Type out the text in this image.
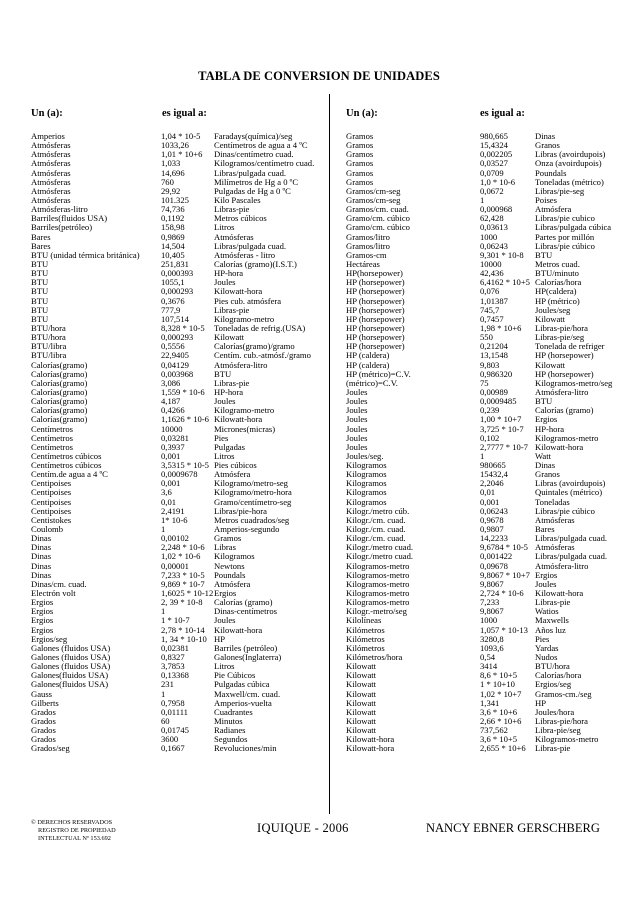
TABLA DE CONVERSION DE UNIDADES
Un (a):	es igual a:	Un (a):	es igual a:
Amperios	1,04 * 10-5 Faradays(química)/seg
Atmósferas	1033,26	Centímetros de agua a 4 ºC
Atmósferas	1,01 * 10+6 Dinas/centímetro cuad.
Atmósferas	1,033	Kilogramos/centímetro cuad.
Atmósferas	14,696	Libras/pulgada cuad.
Atmósferas	760	Milímetros de Hg a 0 ºC
Atmósferas	29,92	Pulgadas de Hg a 0 ºC
Atmósferas	101.325	Kilo Pascales
Atmósferas-litro	74,736	Libras-pie
Barriles(fluidos USA)	0,1192	Metros cúbicos
Barriles(petróleo)	158,98	Litros
Bares	0,9869	Atmósferas
Bares	14,504	Libras/pulgada cuad.
BTU (unidad térmica británica) 10,405	Atmósferas - litro
BTU	251,831	Calorías (gramo)(I.S.T.)
BTU	0,000393 HP-hora
BTU	1055,1	Joules
BTU	0,000293 Kilowatt-hora
BTU	0,3676	Pies cub. atmósfera
BTU	777,9	Libras-pie
BTU	107,514	Kilogramo-metro
BTU/hora	8,328 * 10-5 Toneladas de refrig.(USA)
BTU/hora	0,000293 Kilowatt
BTU/libra	0,5556	Calorías(gramo)/gramo
BTU/libra	22,9405	Centím. cub.-atmósf./gramo
Calorías(gramo)	0,04129	Atmósfera-litro
Calorías(gramo)	0,003968 BTU
Calorías(gramo)	3,086	Libras-pie
Calorías(gramo)	1,559 * 10-6 HP-hora
Calorías(gramo)	4,187	Joules
Calorías(gramo)	0,4266	Kilogramo-metro
Calorías(gramo)	1,1626 * 10-6 Kilowatt-hora
Centímetros	10000	Micrones(micras)
Centímetros	0,03281	Pies
Centímetros	0,3937	Pulgadas
Centímetros cúbicos	0,001	Litros
Centímetros cúbicos	3,5315 * 10-5 Pies cúbicos
Centím.de agua a 4 ºC	0,0009678 Atmósfera
Centipoises	0,001	Kilogramo/metro-seg
Centipoises	3,6	Kilogramo/metro-hora
Centipoises	0,01	Gramo/centímetro-seg
Centipoises	2,4191	Libras/pie-hora
Centistokes	1* 10-6	Metros cuadrados/seg
Coulomb	1	Amperios-segundo
Dinas	0,00102	Gramos
Dinas	2,248 * 10-6 Libras
Dinas	1,02 * 10-6 Kilogramos
Dinas	0,00001	Newtons
Dinas	7,233 * 10-5 Poundals
Dinas/cm. cuad.	9,869 * 10-7 Atmósfera
Electrón volt	1,6025 * 10-12Ergios
Ergios	2, 39 * 10-8 Calorías (gramo)
Ergios	1	Dinas-centímetros
Ergios	1 * 10-7	Joules
Ergios	2,78 * 10-14 Kilowatt-hora
Ergios/seg	1, 34 * 10-10 HP
Galones (fluidos USA)	0,02381	Barriles (petróleo)
Galones (fluidos USA)	0,8327	Galones(Inglaterra)
Galones (fluidos USA)	3,7853	Litros
Galones(fluidos USA)	0,13368	Pie Cúbicos
Galones(fluidos USA)	231	Pulgadas cúbica
Gauss	1	Maxwell/cm. cuad.
Gilberts	0,7958	Amperios-vuelta
Grados	0,01111	Cuadrantes
Grados	60	Minutos
Grados	0,01745	Radianes
Grados	3600	Segundos
Grados/seg	0,1667	Revoluciones/min
Gramos	980,665	Dinas
Gramos	15,4324	Granos
Gramos	0,002205	Libras (avoirdupois)
Gramos	0,03527	Onza (avoirdupois)
Gramos	0,0709	Poundals
Gramos	1,0 * 10-6 Toneladas (métrico)
Gramos/cm-seg	0,0672	Libras/pie-seg
Gramos/cm-seg	1	Poises
Gramos/cm. cuad.	0,000968	Atmósfera
Gramo/cm. cúbico	62,428	Libras/pie cubico
Gramo/cm. cúbico	0,03613	Libras/pulgada cúbica
Gramos/litro	1000	Partes por millón
Gramos/litro	0,06243	Libras/pie cúbico
Gramos-cm	9,301 * 10-8 BTU
Hectáreas	10000	Metros cuad.
HP(horsepower)	42,436	BTU/minuto
HP (horsepower)	6,4162 * 10+5 Calorías/hora
HP (horsepower)	0,076	HP(caldera)
HP (horsepower)	1,01387	HP (métrico)
HP (horsepower)	745,7	Joules/seg
HP (horsepower)	0,7457	Kilowatt
HP (horsepower)	1,98 * 10+6 Libras-pie/hora
HP (horsepower)	550	Libras-pie/seg
HP (horsepower)	0,21204	Tonelada de refriger
HP (caldera)	13,1548	HP (horsepower)
HP (caldera)	9,803	Kilowatt
HP (métrico)=C.V.	0,986320	HP (horsepower)
(métrico)=C.V.	75	Kilogramos-metro/seg
Joules	0,00989	Atmósfera-litro
Joules	0,0009485 BTU
Joules	0,239	Calorías (gramo)
Joules	1,00 * 10+7 Ergios
Joules	3,725 * 10-7 HP-hora
Joules	0,102	Kilogramos-metro
Joules	2,7777 * 10-7 Kilowatt-hora
Joules/seg.	1	Watt
Kilogramos	980665	Dinas
Kilogramos	15432,4	Granos
Kilogramos	2,2046	Libras (avoirdupois)
Kilogramos	0,01	Quintales (métrico)
Kilogramos	0,001	Toneladas
Kilogr./metro cúb.	0,06243	Libras/pie cúbico
Kilogr./cm. cuad.	0,9678	Atmósferas
Kilogr./cm. cuad.	0,9807	Bares
Kilogr./cm. cuad.	14,2233	Libras/pulgada cuad.
Kilogr./metro cuad.	9,6784 * 10-5 Atmósferas
Kilogr./metro cuad.	0,001422	Libras/pulgada cuad.
Kilogramos-metro	0,09678	Atmósfera-litro
Kilogramos-metro	9,8067 * 10+7 Ergios
Kilogramos-metro	9,8067	Joules
Kilogramos-metro	2,724 * 10-6 Kilowatt-hora
Kilogramos-metro	7,233	Libras-pie
Kilogr.-metro/seg	9,8067	Watios
Kilolíneas	1000	Maxwells
Kilómetros	1,057 * 10-13 Años luz
Kilómetros	3280,8	Pies
Kilómetros	1093,6	Yardas
Kilómetros/hora	0,54	Nudos
Kilowatt	3414	BTU/hora
Kilowatt	8,6 * 10+5 Calorías/hora
Kilowatt	1 * 10+10 Ergios/seg
Kilowatt	1,02 * 10+7 Gramos-cm./seg
Kilowatt	1,341	HP
Kilowatt	3,6 * 10+6 Joules/hora
Kilowatt	2,66 * 10+6 Libras-pie/hora
Kilowatt	737,562	Libra-pie/seg
Kilowatt-hora	3,6 * 10+5 Kilogramos-metro
Kilowatt-hora	2,655 * 10+6 Libras-pie
© DERECHOS RESERVADOS
REGISTRO DE PROPIEDAD
INTELECTUAL Nº 153.692
IQUIQUE - 2006	NANCY EBNER GERSCHBERG
